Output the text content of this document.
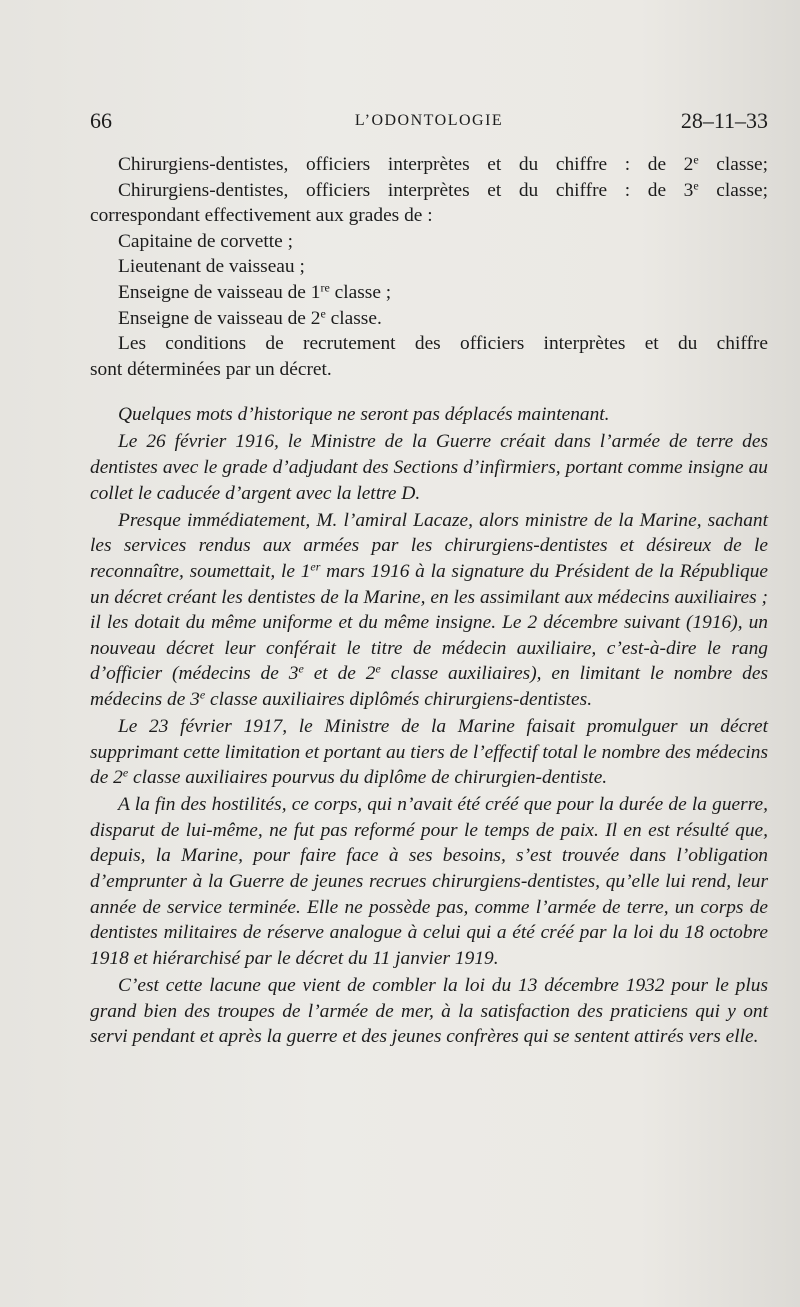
66	L’ODONTOLOGIE	28–11–33
Chirurgiens-dentistes, officiers interprètes et du chiffre : de 2e classe;
Chirurgiens-dentistes, officiers interprètes et du chiffre : de 3e classe;
correspondant effectivement aux grades de :
Capitaine de corvette ;
Lieutenant de vaisseau ;
Enseigne de vaisseau de 1re classe ;
Enseigne de vaisseau de 2e classe.
Les conditions de recrutement des officiers interprètes et du chiffre
sont déterminées par un décret.

Quelques mots d’historique ne seront pas déplacés maintenant.

Le 26 février 1916, le Ministre de la Guerre créait dans l’armée de terre des dentistes avec le grade d’adjudant des Sections d’infirmiers, portant comme insigne au collet le caducée d’argent avec la lettre D.

Presque immédiatement, M. l’amiral Lacaze, alors ministre de la Marine, sachant les services rendus aux armées par les chirurgiens-dentistes et désireux de le reconnaître, soumettait, le 1er mars 1916 à la signature du Président de la République un décret créant les dentistes de la Marine, en les assimilant aux médecins auxiliaires ; il les dotait du même uniforme et du même insigne. Le 2 décembre suivant (1916), un nouveau décret leur conférait le titre de médecin auxiliaire, c’est-à-dire le rang d’officier (médecins de 3e et de 2e classe auxiliaires), en limitant le nombre des médecins de 3e classe auxiliaires diplômés chirurgiens-dentistes.

Le 23 février 1917, le Ministre de la Marine faisait promulguer un décret supprimant cette limitation et portant au tiers de l’effectif total le nombre des médecins de 2e classe auxiliaires pourvus du diplôme de chirurgien-dentiste.

A la fin des hostilités, ce corps, qui n’avait été créé que pour la durée de la guerre, disparut de lui-même, ne fut pas reformé pour le temps de paix. Il en est résulté que, depuis, la Marine, pour faire face à ses besoins, s’est trouvée dans l’obligation d’emprunter à la Guerre de jeunes recrues chirurgiens-dentistes, qu’elle lui rend, leur année de service terminée. Elle ne possède pas, comme l’armée de terre, un corps de dentistes militaires de réserve analogue à celui qui a été créé par la loi du 18 octobre 1918 et hiérarchisé par le décret du 11 janvier 1919.

C’est cette lacune que vient de combler la loi du 13 décembre 1932 pour le plus grand bien des troupes de l’armée de mer, à la satisfaction des praticiens qui y ont servi pendant et après la guerre et des jeunes confrères qui se sentent attirés vers elle.
